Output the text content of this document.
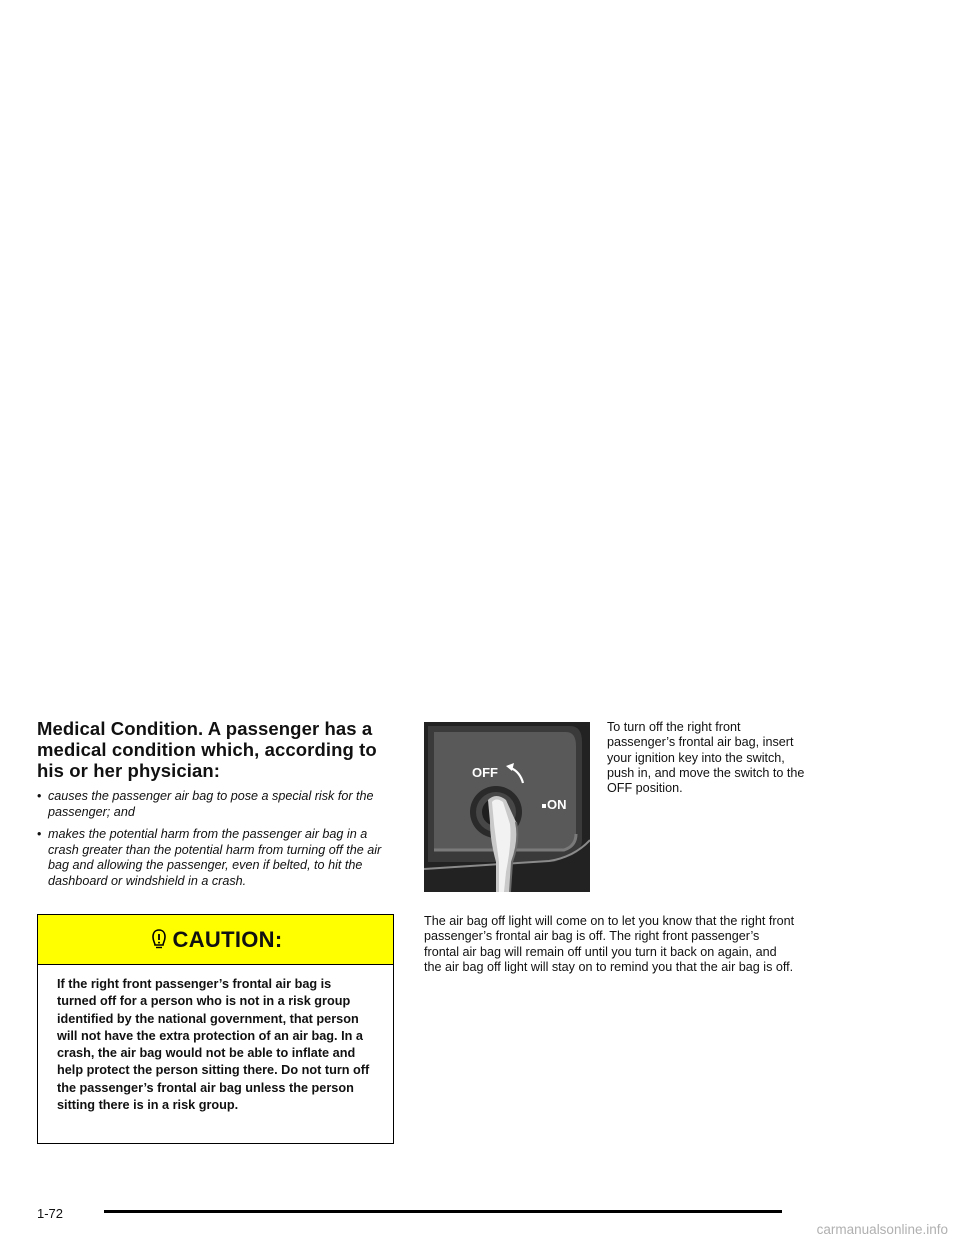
Medical Condition. A passenger has a medical condition which, according to his or her physician:
• causes the passenger air bag to pose a special risk for the passenger; and
• makes the potential harm from the passenger air bag in a crash greater than the potential harm from turning off the air bag and allowing the passenger, even if belted, to hit the dashboard or windshield in a crash.
CAUTION:
If the right front passenger’s frontal air bag is turned off for a person who is not in a risk group identified by the national government, that person will not have the extra protection of an air bag. In a crash, the air bag would not be able to inflate and help protect the person sitting there. Do not turn off the passenger’s frontal air bag unless the person sitting there is in a risk group.
OFF
ON
To turn off the right front passenger’s frontal air bag, insert your ignition key into the switch, push in, and move the switch to the OFF position.
The air bag off light will come on to let you know that the right front passenger’s frontal air bag is off. The right front passenger’s frontal air bag will remain off until you turn it back on again, and the air bag off light will stay on to remind you that the air bag is off.
1-72
carmanualsonline.info
